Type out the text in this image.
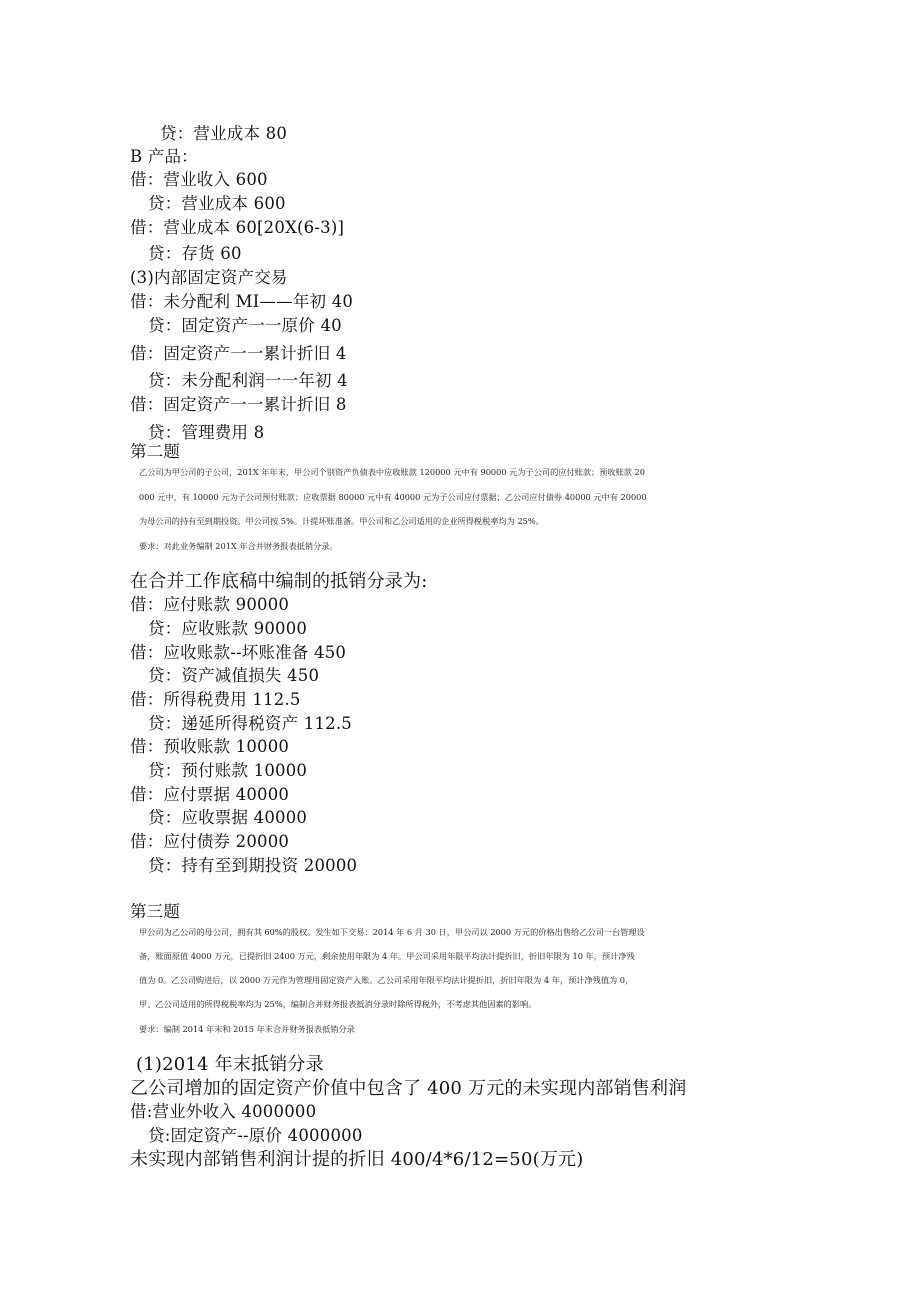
贷：营业成本 80
B 产品：
借：营业收入 600
贷：营业成本 600
借：营业成本 60[20X(6-3)]
贷：存货 60
(3)内部固定资产交易
借：未分配利 MI——年初 40
贷：固定资产一一原价 40
借：固定资产一一累计折旧 4
贷：未分配利润一一年初 4
借：固定资产一一累计折旧 8
贷：管理费用 8
第二题
乙公司为甲公司的子公司，201X 年年末，甲公司个别资产负债表中应收账款 120000 元中有 90000 元为子公司的应付账款；预收账款 20
000 元中，有 10000 元为子公司预付账款；应收票据 80000 元中有 40000 元为子公司应付票据；乙公司应付债券 40000 元中有 20000
为母公司的持有至到期投资。甲公司按 5%。计提坏账准备。甲公司和乙公司适用的企业所得税税率均为 25%。
要求：对此业务编制 201X 年合并财务报表抵销分录。
在合并工作底稿中编制的抵销分录为:
借：应付账款 90000
贷：应收账款 90000
借：应收账款--坏账准备 450
贷：资产减值损失 450
借：所得税费用 112.5
贷：递延所得税资产 112.5
借：预收账款 10000
贷：预付账款 10000
借：应付票据 40000
贷：应收票据 40000
借：应付债券 20000
贷：持有至到期投资 20000
第三题
甲公司为乙公司的母公司，拥有其 60%的股权。发生如下交易：2014 年 6 月 30 日，甲公司以 2000 万元的价格出售给乙公司一台管理设
备，账面原值 4000 万元，已提折旧 2400 万元，剩余使用年限为 4 年。甲公司采用年限平均法计提折旧，折旧年限为 10 年，预计净残
值为 0。乙公司购进后，以 2000 万元作为管理用固定资产入账。乙公司采用年限平均法计提折旧，折旧年限为 4 年，预计净残值为 0，
甲、乙公司适用的所得税税率均为 25%，编制合并财务报表抵消分录时除所得税外，不考虑其他因素的影响。
要求：编制 2014 年末和 2015 年末合并财务报表抵销分录
(1)2014 年末抵销分录
乙公司增加的固定资产价值中包含了 400 万元的未实现内部销售利润
借:营业外收入 4000000
贷:固定资产--原价 4000000
未实现内部销售利润计提的折旧 400/4*6/12=50(万元)
